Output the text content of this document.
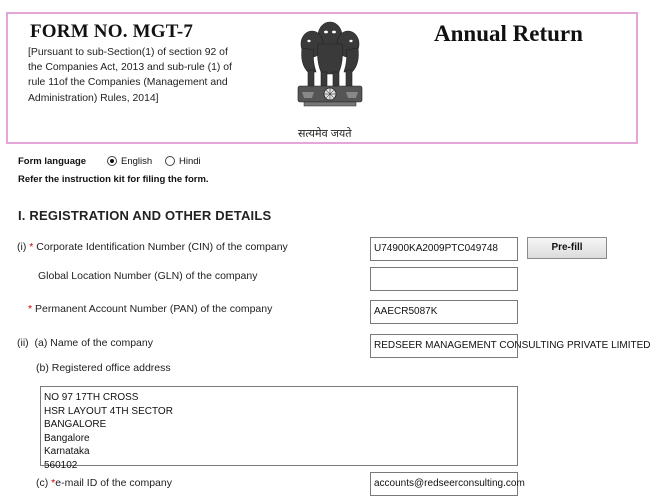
FORM NO. MGT-7
[Pursuant to sub-Section(1) of section 92 of
the Companies Act, 2013 and sub-rule (1) of
rule 11of the Companies (Management and
Administration) Rules, 2014]
सत्यमेव जयते
Annual Return
Form language	English	Hindi
Refer the instruction kit for filing the form.
I. REGISTRATION AND OTHER DETAILS
(i) * Corporate Identification Number (CIN) of the company	U74900KA2009PTC049748	Pre-fill
Global Location Number (GLN) of the company
* Permanent Account Number (PAN) of the company	AAECR5087K
(ii) (a) Name of the company	REDSEER MANAGEMENT CONSULTING PRIVATE LIMITED
(b) Registered office address
NO 97 17TH CROSS
HSR LAYOUT 4TH SECTOR
BANGALORE
Bangalore
Karnataka
560102
(c) *e-mail ID of the company	accounts@redseerconsulting.com
